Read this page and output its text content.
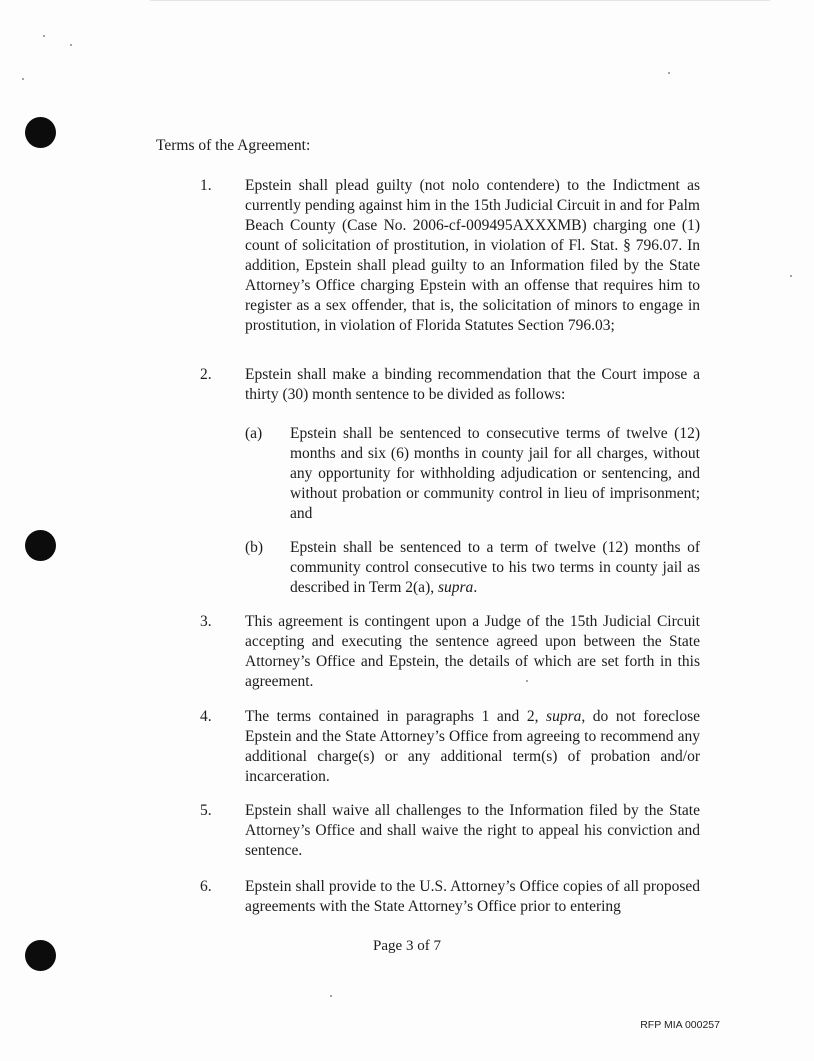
Terms of the Agreement:
1. Epstein shall plead guilty (not nolo contendere) to the Indictment as currently pending against him in the 15th Judicial Circuit in and for Palm Beach County (Case No. 2006-cf-009495AXXXMB) charging one (1) count of solicitation of prostitution, in violation of Fl. Stat. § 796.07. In addition, Epstein shall plead guilty to an Information filed by the State Attorney’s Office charging Epstein with an offense that requires him to register as a sex offender, that is, the solicitation of minors to engage in prostitution, in violation of Florida Statutes Section 796.03;

2. Epstein shall make a binding recommendation that the Court impose a thirty (30) month sentence to be divided as follows:

(a) Epstein shall be sentenced to consecutive terms of twelve (12) months and six (6) months in county jail for all charges, without any opportunity for withholding adjudication or sentencing, and without probation or community control in lieu of imprisonment; and

(b) Epstein shall be sentenced to a term of twelve (12) months of community control consecutive to his two terms in county jail as described in Term 2(a), supra.

3. This agreement is contingent upon a Judge of the 15th Judicial Circuit accepting and executing the sentence agreed upon between the State Attorney’s Office and Epstein, the details of which are set forth in this agreement.

4. The terms contained in paragraphs 1 and 2, supra, do not foreclose Epstein and the State Attorney’s Office from agreeing to recommend any additional charge(s) or any additional term(s) of probation and/or incarceration.

5. Epstein shall waive all challenges to the Information filed by the State Attorney’s Office and shall waive the right to appeal his conviction and sentence.

6. Epstein shall provide to the U.S. Attorney’s Office copies of all proposed agreements with the State Attorney’s Office prior to entering

Page 3 of 7
RFP MIA 000257
